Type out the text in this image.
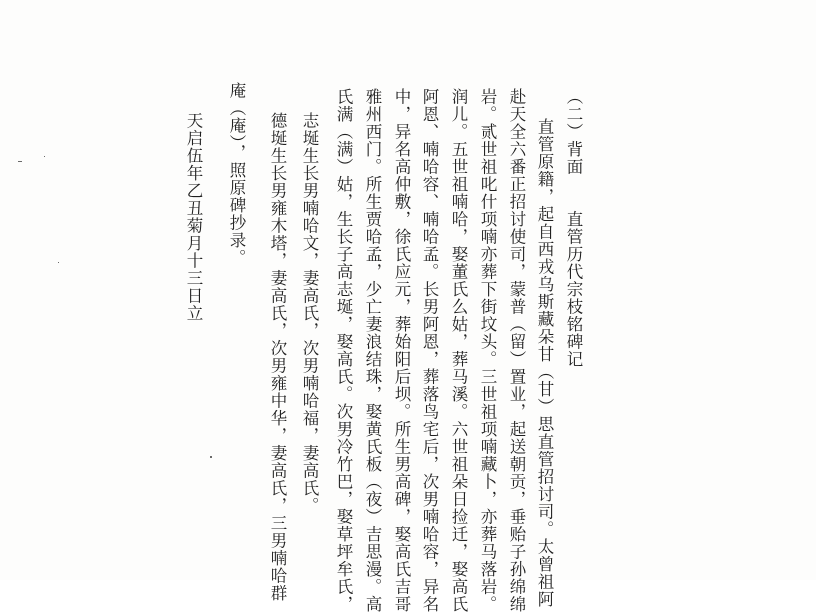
（二）背面　　直管历代宗枝铭碑记
直管原籍，起自西戎乌斯藏朵甘（甘）思直管招讨司。太曾祖阿
赴天全六番正招讨使司，蒙普（留）置业，起送朝贡，垂贻子孙绵绵
岩。贰世祖叱什项喃亦葬下街坟头。三世祖项喃藏卜，亦葬马落岩。
润儿。五世祖喃哈，娶董氏么姑，葬马溪。六世祖朵日捡迁，娶高氏
阿恩、喃哈容、喃哈孟。长男阿恩，葬落鸟宅后，次男喃哈容，异名
中，异名高仲敷，徐氏应元，葬始阳后坝。所生男高碑，娶高氏吉哥
雅州西门。所生贾哈孟，少亡妻浪结珠，娶黄氏板（夜）吉思漫。高
氏满（满）姑，生长子高志埏，娶高氏。次男冷竹巴，娶草坪牟氏，
志埏生长男喃哈文，妻高氏，次男喃哈福，妻高氏。
德埏生长男雍木塔，妻高氏，次男雍中华，妻高氏，三男喃哈群
庵（庵），照原碑抄录。
天启伍年乙丑菊月十三日立
